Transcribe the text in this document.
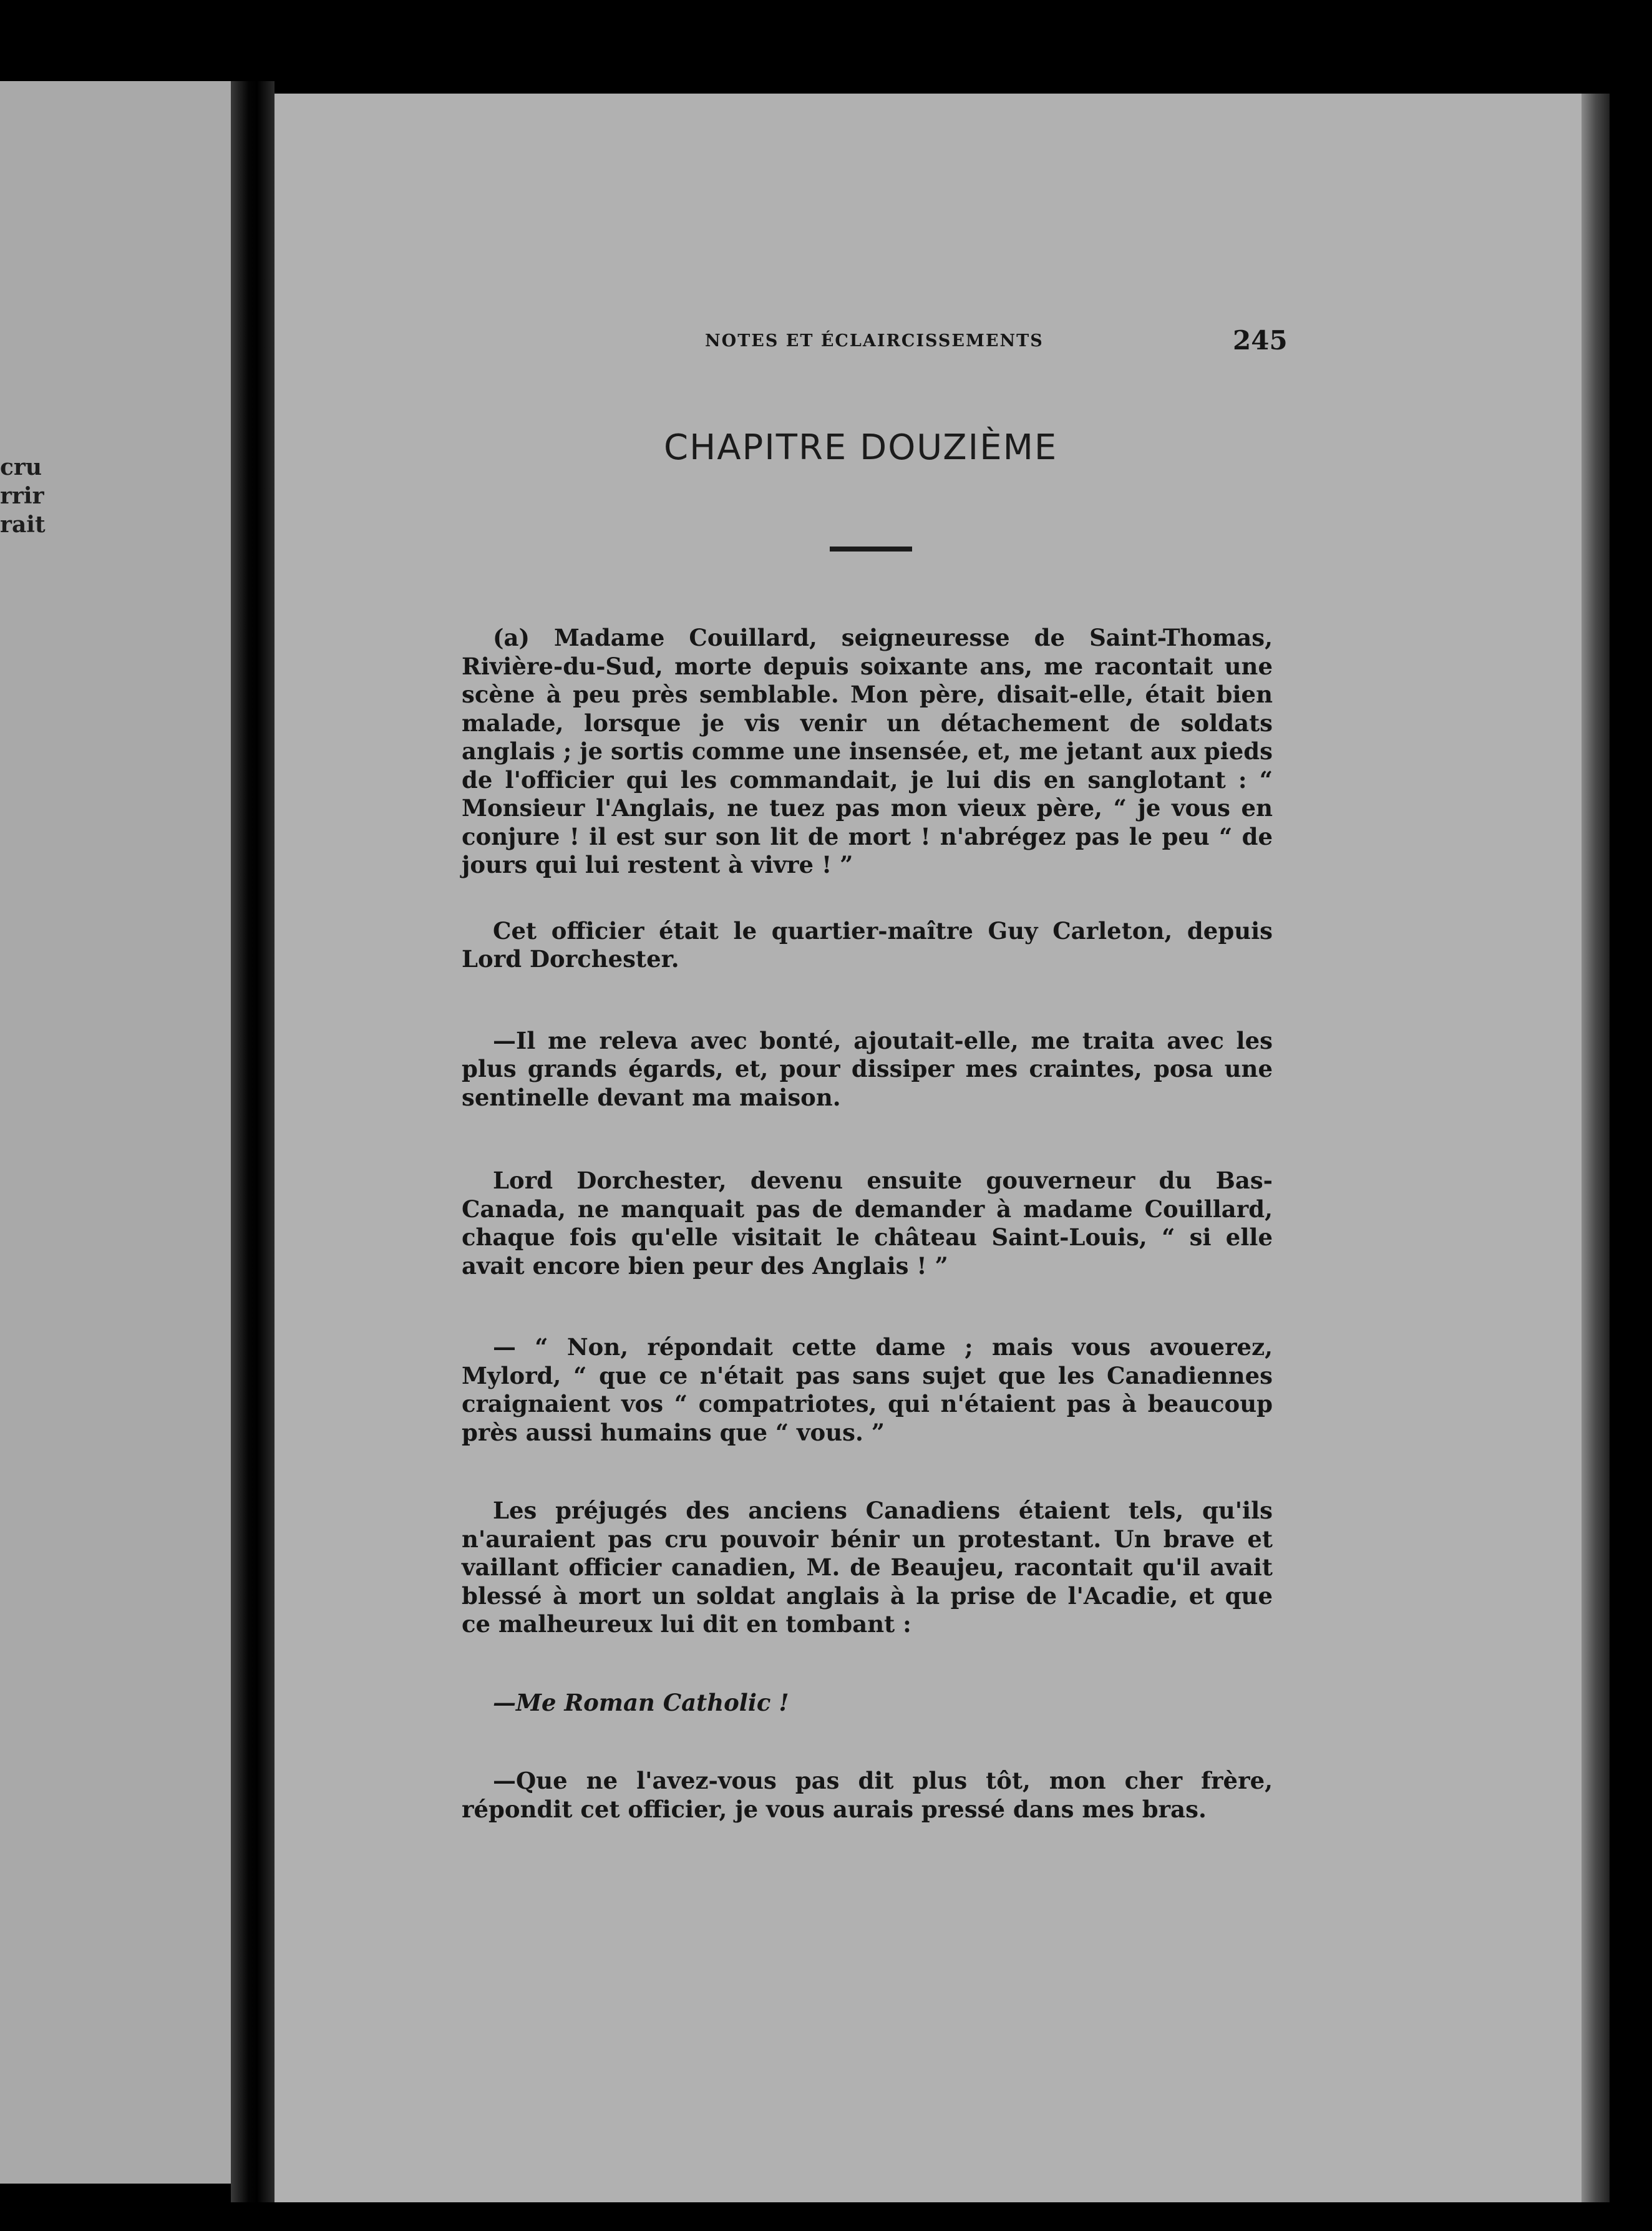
cru
rrir
rait
NOTES ET ÉCLAIRCISSEMENTS	245
CHAPITRE DOUZIÈME

(a) Madame Couillard, seigneuresse de Saint-Thomas, Rivière-du-Sud, morte depuis soixante ans, me racontait une scène à peu près semblable. Mon père, disait-elle, était bien malade, lorsque je vis venir un détachement de soldats anglais ; je sortis comme une insensée, et, me jetant aux pieds de l'officier qui les commandait, je lui dis en sanglotant : “ Monsieur l'Anglais, ne tuez pas mon vieux père, “ je vous en conjure ! il est sur son lit de mort ! n'abrégez pas le peu “ de jours qui lui restent à vivre ! ”

Cet officier était le quartier-maître Guy Carleton, depuis Lord Dorchester.

—Il me releva avec bonté, ajoutait-elle, me traita avec les plus grands égards, et, pour dissiper mes craintes, posa une sentinelle devant ma maison.

Lord Dorchester, devenu ensuite gouverneur du Bas-Canada, ne manquait pas de demander à madame Couillard, chaque fois qu'elle visitait le château Saint-Louis, “ si elle avait encore bien peur des Anglais ! ”

— “ Non, répondait cette dame ; mais vous avouerez, Mylord, “ que ce n'était pas sans sujet que les Canadiennes craignaient vos “ compatriotes, qui n'étaient pas à beaucoup près aussi humains que “ vous. ”

Les préjugés des anciens Canadiens étaient tels, qu'ils n'auraient pas cru pouvoir bénir un protestant. Un brave et vaillant officier canadien, M. de Beaujeu, racontait qu'il avait blessé à mort un soldat anglais à la prise de l'Acadie, et que ce malheureux lui dit en tombant :

—Me Roman Catholic !

—Que ne l'avez-vous pas dit plus tôt, mon cher frère, répondit cet officier, je vous aurais pressé dans mes bras.
